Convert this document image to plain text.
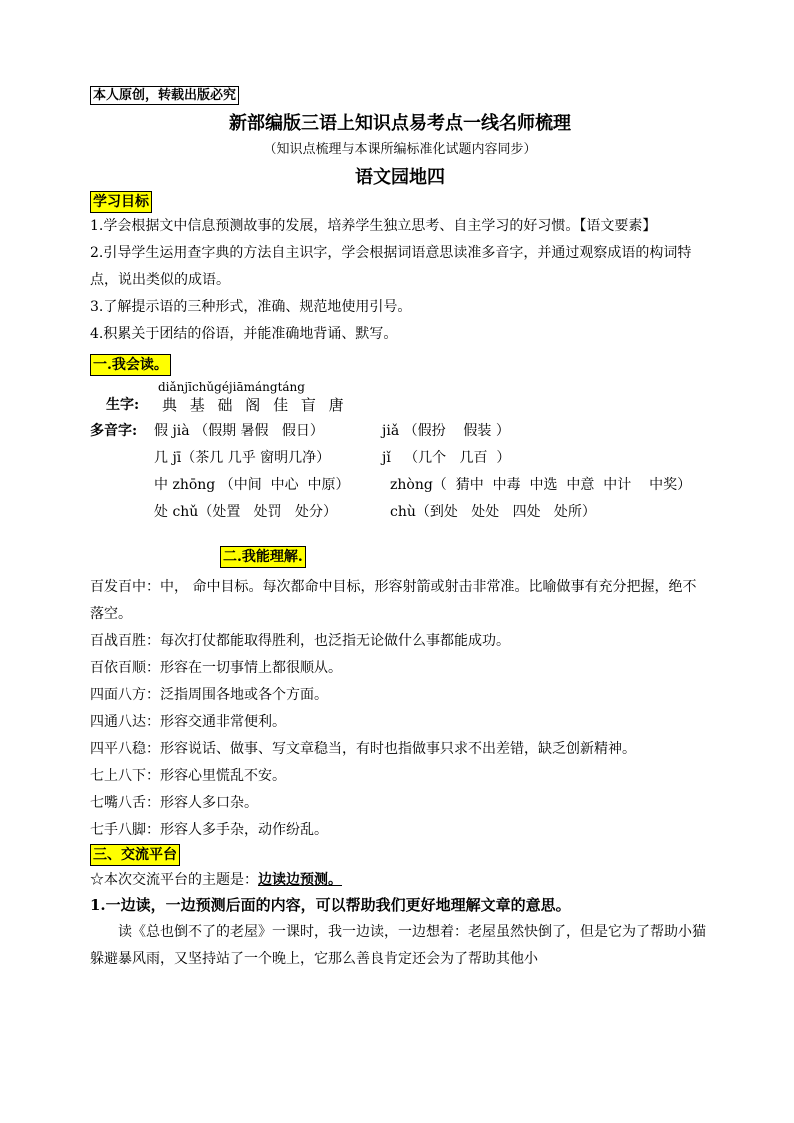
本人原创，转载出版必究
新部编版三语上知识点易考点一线名师梳理
（知识点梳理与本课所编标准化试题内容同步）
语文园地四
学习目标
1.学会根据文中信息预测故事的发展，培养学生独立思考、自主学习的好习惯。【语文要素】
2.引导学生运用查字典的方法自主识字，学会根据词语意思读准多音字，并通过观察成语的构词特点，说出类似的成语。
3.了解提示语的三种形式，准确、规范地使用引号。
4.积累关于团结的俗语，并能准确地背诵、默写。
一.我会读。
生字:
diǎnjīchǔgéjiāmángtáng
典 基 础 阁 佳 盲 唐
多音字: 假 jià （假期 暑假   假日）	jiǎ （假扮    假装 ）
几 jī（茶几 几乎 窗明几净）	jǐ   （几个   几百  ）
中 zhōng （中间  中心  中原）	zhòng（  猜中  中毒  中选  中意  中计    中奖）
处 chǔ（处置   处罚   处分）	chù（到处   处处   四处   处所）
二.我能理解.
百发百中：中， 命中目标。每次都命中目标，形容射箭或射击非常准。比喻做事有充分把握，绝不落空。
百战百胜：每次打仗都能取得胜利，也泛指无论做什么事都能成功。
百依百顺：形容在一切事情上都很顺从。
四面八方：泛指周围各地或各个方面。
四通八达：形容交通非常便利。
四平八稳：形容说话、做事、写文章稳当，有时也指做事只求不出差错，缺乏创新精神。
七上八下：形容心里慌乱不安。
七嘴八舌：形容人多口杂。
七手八脚：形容人多手杂，动作纷乱。
三、交流平台
☆本次交流平台的主题是：边读边预测。
1.一边读，一边预测后面的内容，可以帮助我们更好地理解文章的意思。
读《总也倒不了的老屋》一课时，我一边读，一边想着：老屋虽然快倒了，但是它为了帮助小猫躲避暴风雨，又坚持站了一个晚上，它那么善良肯定还会为了帮助其他小
